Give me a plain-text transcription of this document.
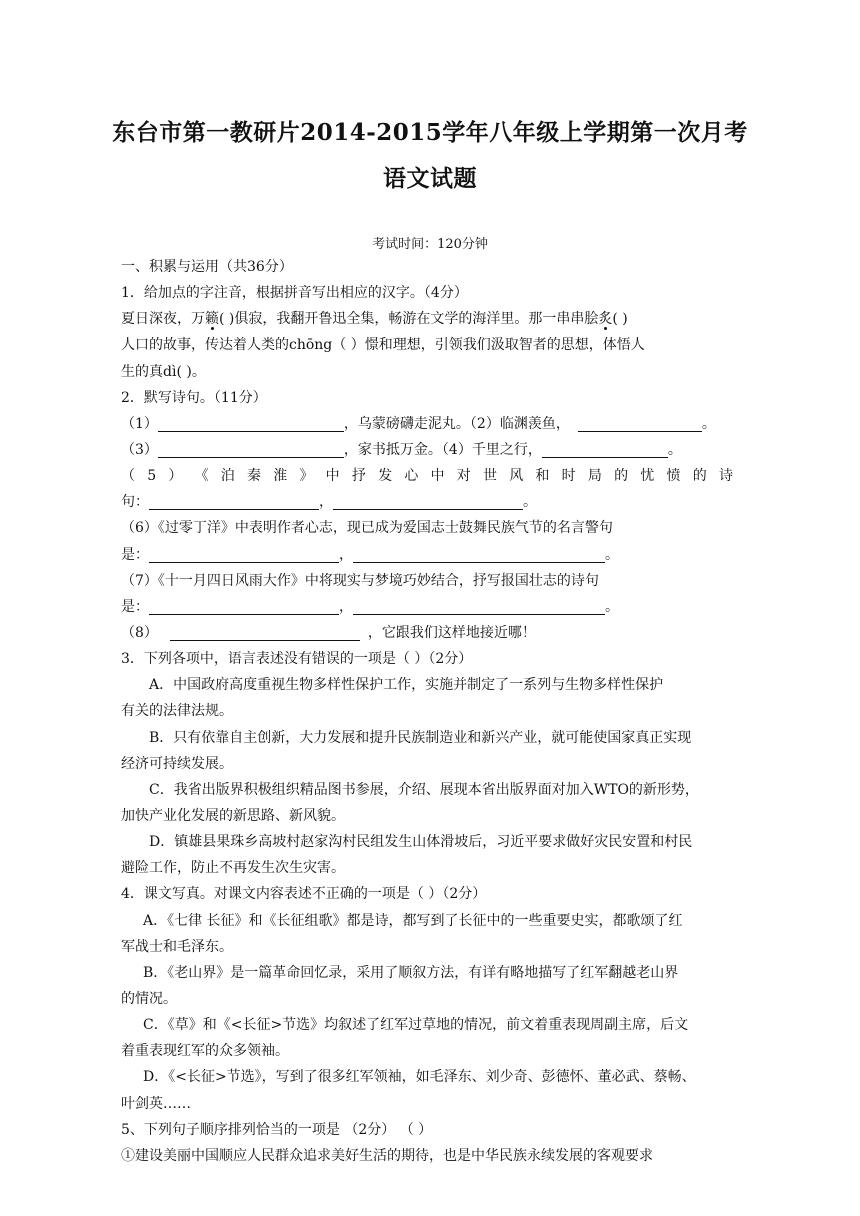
东台市第一教研片2014-2015学年八年级上学期第一次月考
语文试题
考试时间：120分钟
一、积累与运用（共36分）
1．给加点的字注音，根据拼音写出相应的汉字。（4分）
夏日深夜，万籁( )俱寂，我翻开鲁迅全集，畅游在文学的海洋里。那一串串脍炙( )
人口的故事，传达着人类的chōng（ ）憬和理想，引领我们汲取智者的思想，体悟人
生的真dì( )。
2．默写诗句。（11分）
（1）	，乌蒙磅礴走泥丸。（2）临渊羡鱼，	。
（3）	，家书抵万金。（4）千里之行，	。
（ 5 ） 《 泊 秦 淮 》 中 抒 发 心 中 对 世 风 和 时 局 的 忧 愤 的 诗
句：	，	。
（6）《过零丁洋》中表明作者心志，现已成为爱国志士鼓舞民族气节的名言警句
是：	，	。
（7）《十一月四日风雨大作》中将现实与梦境巧妙结合，抒写报国壮志的诗句
是：	，	。
（8）	，它跟我们这样地接近哪！
3．下列各项中，语言表述没有错误的一项是（ ）（2分）
A．中国政府高度重视生物多样性保护工作，实施并制定了一系列与生物多样性保护
有关的法律法规。
B．只有依靠自主创新，大力发展和提升民族制造业和新兴产业，就可能使国家真正实现
经济可持续发展。
C．我省出版界积极组织精品图书参展，介绍、展现本省出版界面对加入WTO的新形势，
加快产业化发展的新思路、新风貌。
D．镇雄县果珠乡高坡村赵家沟村民组发生山体滑坡后，习近平要求做好灾民安置和村民
避险工作，防止不再发生次生灾害。
4．课文写真。对课文内容表述不正确的一项是（ ）（2分）
A．《七律 长征》和《长征组歌》都是诗，都写到了长征中的一些重要史实，都歌颂了红
军战士和毛泽东。
B．《老山界》是一篇革命回忆录，采用了顺叙方法，有详有略地描写了红军翻越老山界
的情况。
C．《草》和《<长征>节选》均叙述了红军过草地的情况，前文着重表现周副主席，后文
着重表现红军的众多领袖。
D．《<长征>节选》，写到了很多红军领袖，如毛泽东、刘少奇、彭德怀、董必武、蔡畅、
叶剑英……
5、下列句子顺序排列恰当的一项是 （2分） （ ）
①建设美丽中国顺应人民群众追求美好生活的期待，也是中华民族永续发展的客观要求
